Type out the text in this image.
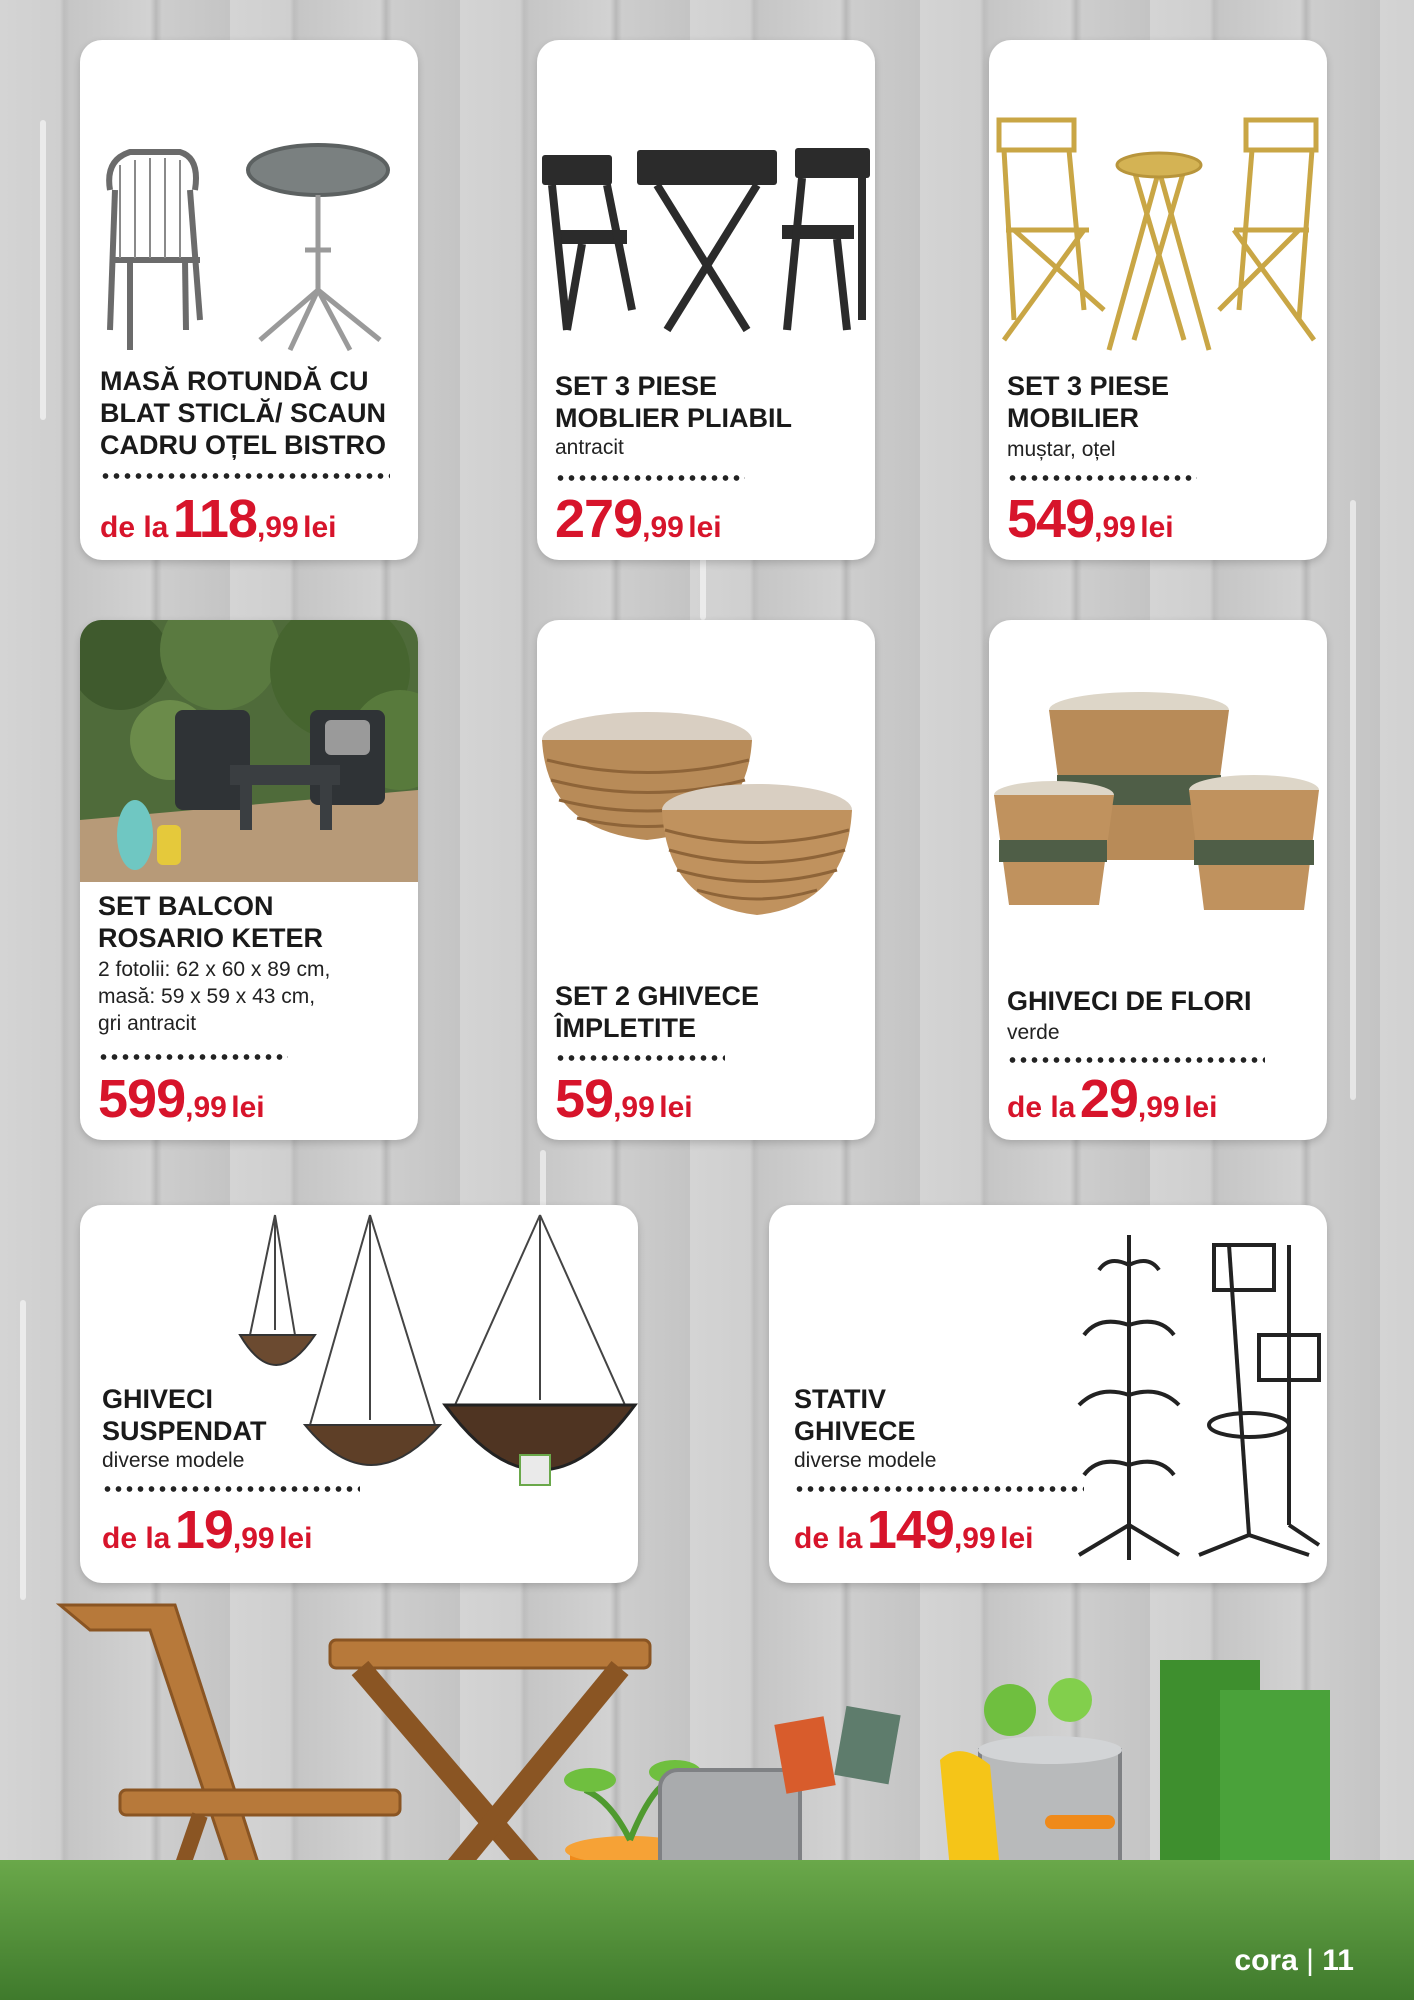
MASĂ ROTUNDĂ CU
BLAT STICLĂ/ SCAUN
CADRU OȚEL BISTRO
de la 118,99 lei
SET 3 PIESE
MOBLIER PLIABIL
antracit
279,99 lei
SET 3 PIESE
MOBILIER
muștar, oțel
549,99 lei
SET BALCON
ROSARIO KETER
2 fotolii: 62 x 60 x 89 cm,
masă: 59 x 59 x 43 cm,
gri antracit
599,99 lei
SET 2 GHIVECE
ÎMPLETITE
59,99 lei
GHIVECI DE FLORI
verde
de la 29,99 lei
GHIVECI
SUSPENDAT
diverse modele
de la 19,99 lei
STATIV
GHIVECE
diverse modele
de la 149,99 lei
cora | 11
